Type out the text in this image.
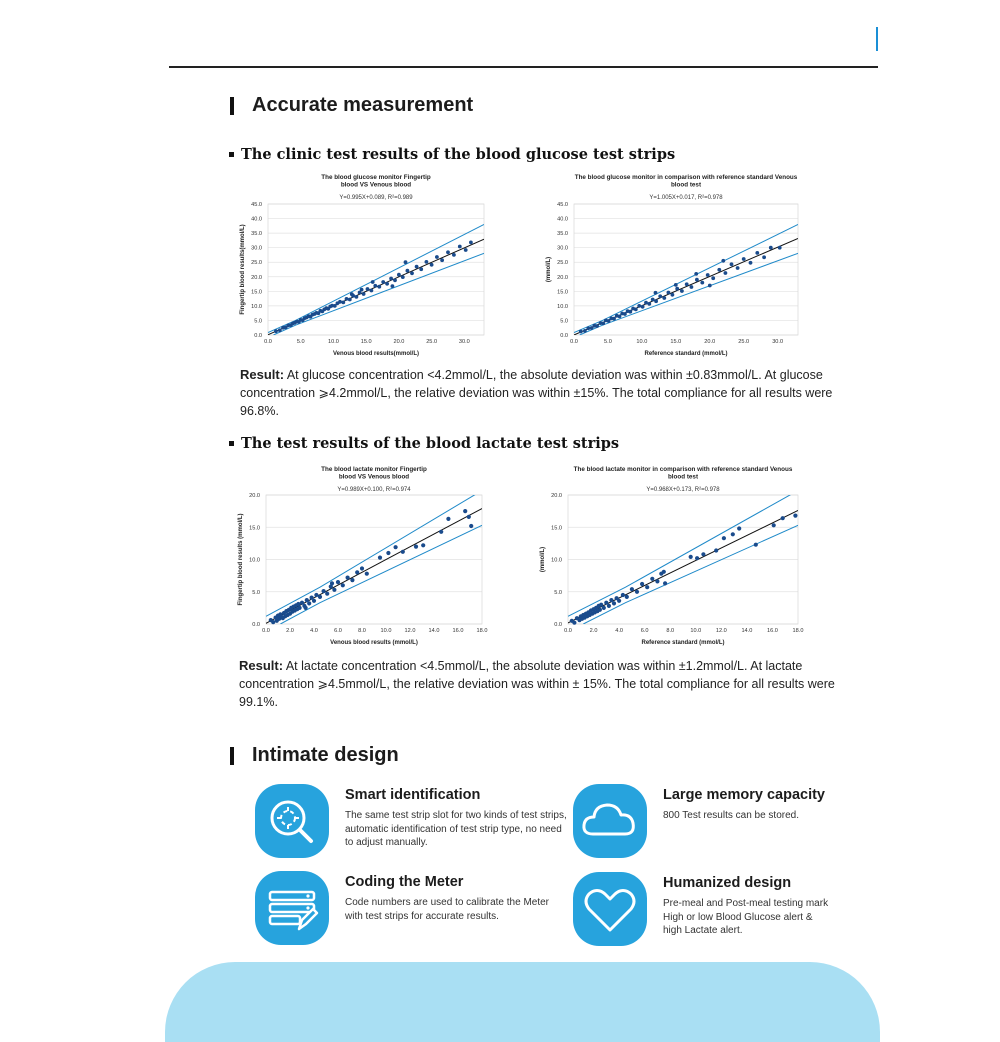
Accurate measurement
The clinic test results of the blood glucose test strips
The blood glucose monitor Fingertip
blood VS Venous blood
Y=0.995X+0.089, R²=0.989
0.0
5.0
10.0
15.0
20.0
25.0
30.0
35.0
40.0
45.0
0.0	5.0	10.0	15.0	20.0	25.0	30.0
Venous blood results(mmol/L)
Fingertip blood results(mmol/L)
The blood glucose monitor in comparison with reference standard Venous
blood test
Y=1.005X+0.017, R²=0.978
0.0
5.0
10.0
15.0
20.0
25.0
30.0
35.0
40.0
45.0
0.0	5.0	10.0	15.0	20.0	25.0	30.0
Reference standard (mmol/L)
(mmol/L)
Result: At glucose concentration <4.2mmol/L, the absolute deviation was within ±0.83mmol/L. At glucose concentration ⩾4.2mmol/L, the relative deviation was within ±15%. The total compliance for all results were 96.8%.
The test results of the blood lactate test strips
The blood lactate monitor Fingertip
blood VS Venous blood
Y=0.989X+0.100, R²=0.974
0.0
5.0
10.0
15.0
20.0
0.0	2.0	4.0	6.0	8.0	10.0 12.0 14.0 16.0 18.0
Venous blood results (mmol/L)
Fingertip blood results (mmol/L)
The blood lactate monitor in comparison with reference standard Venous
blood test
Y=0.968X+0.173, R²=0.978
0.0
5.0
10.0
15.0
20.0
0.0	2.0	4.0	6.0	8.0	10.0	12.0	14.0	16.0	18.0
Reference standard (mmol/L)
(mmol/L)
Result: At lactate concentration <4.5mmol/L, the absolute deviation was within ±1.2mmol/L. At lactate concentration ⩾4.5mmol/L, the relative deviation was within ± 15%. The total compliance for all results were 99.1%.
Intimate design
Smart identification
The same test strip slot for two kinds of test strips,
automatic identification of test strip type, no need
to adjust manually.
Large memory capacity
800 Test results can be stored.
Coding the Meter
Code numbers are used to calibrate the Meter
with test strips for accurate results.
Humanized design
Pre-meal and Post-meal testing mark
High or low Blood Glucose alert &
high Lactate alert.
